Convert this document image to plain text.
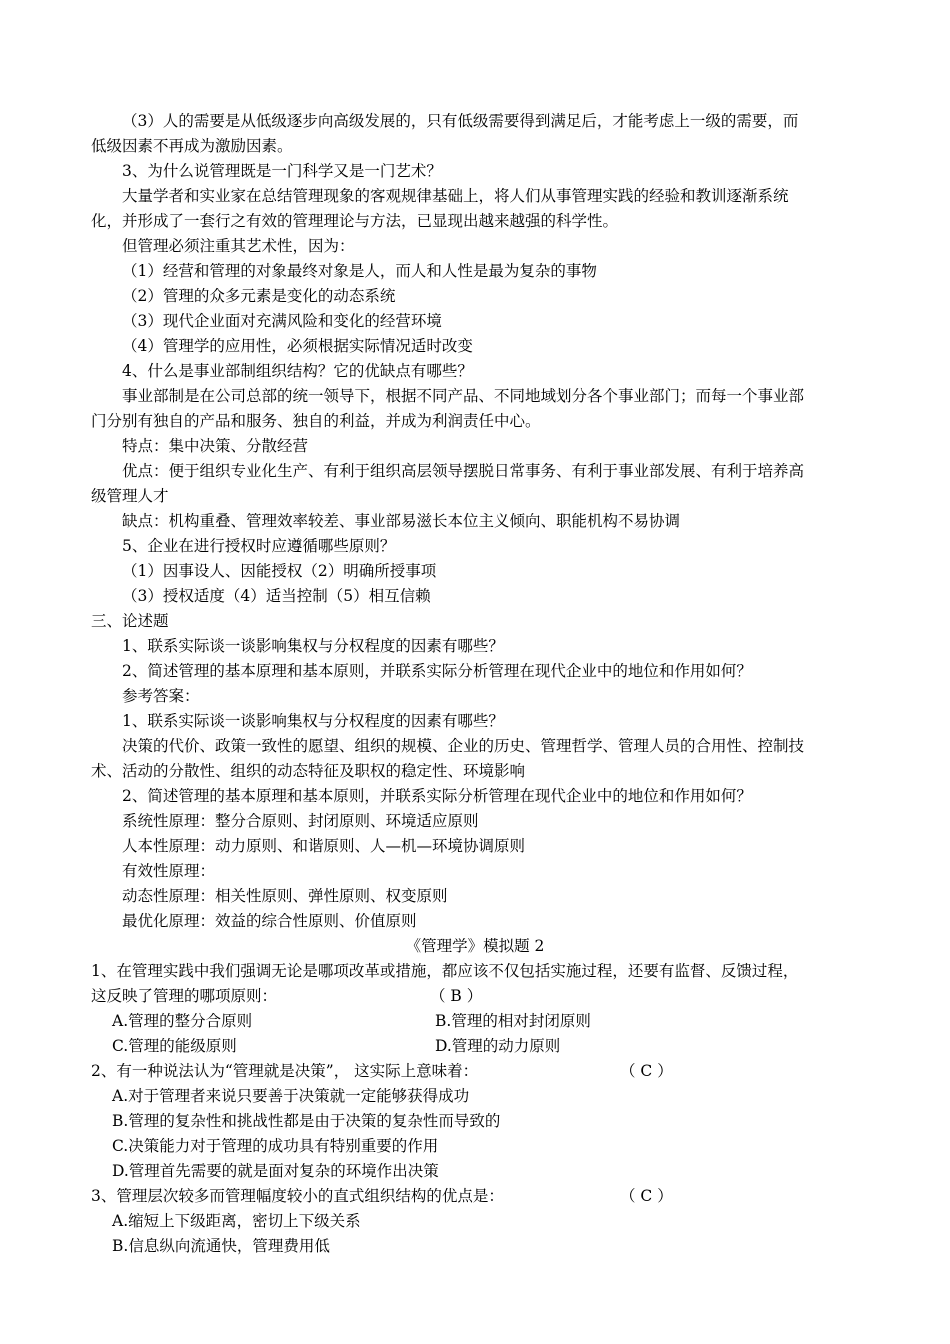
（3）人的需要是从低级逐步向高级发展的，只有低级需要得到满足后，才能考虑上一级的需要，而
低级因素不再成为激励因素。
3、为什么说管理既是一门科学又是一门艺术？
大量学者和实业家在总结管理现象的客观规律基础上，将人们从事管理实践的经验和教训逐渐系统
化，并形成了一套行之有效的管理理论与方法，已显现出越来越强的科学性。
但管理必须注重其艺术性，因为：
（1）经营和管理的对象最终对象是人，而人和人性是最为复杂的事物
（2）管理的众多元素是变化的动态系统
（3）现代企业面对充满风险和变化的经营环境
（4）管理学的应用性，必须根据实际情况适时改变
4、什么是事业部制组织结构？它的优缺点有哪些？
事业部制是在公司总部的统一领导下，根据不同产品、不同地域划分各个事业部门；而每一个事业部
门分别有独自的产品和服务、独自的利益，并成为利润责任中心。
特点：集中决策、分散经营
优点：便于组织专业化生产、有利于组织高层领导摆脱日常事务、有利于事业部发展、有利于培养高
级管理人才
缺点：机构重叠、管理效率较差、事业部易滋长本位主义倾向、职能机构不易协调
5、企业在进行授权时应遵循哪些原则？
（1）因事设人、因能授权（2）明确所授事项
（3）授权适度（4）适当控制（5）相互信赖
三、论述题
1、联系实际谈一谈影响集权与分权程度的因素有哪些？
2、简述管理的基本原理和基本原则，并联系实际分析管理在现代企业中的地位和作用如何？
参考答案：
1、联系实际谈一谈影响集权与分权程度的因素有哪些？
决策的代价、政策一致性的愿望、组织的规模、企业的历史、管理哲学、管理人员的合用性、控制技
术、活动的分散性、组织的动态特征及职权的稳定性、环境影响
2、简述管理的基本原理和基本原则，并联系实际分析管理在现代企业中的地位和作用如何？
系统性原理：整分合原则、封闭原则、环境适应原则
人本性原理：动力原则、和谐原则、人—机—环境协调原则
有效性原理：
动态性原理：相关性原则、弹性原则、权变原则
最优化原理：效益的综合性原则、价值原则
《管理学》模拟题 2
1、在管理实践中我们强调无论是哪项改革或措施，都应该不仅包括实施过程，还要有监督、反馈过程，
这反映了管理的哪项原则：	（ B ）
A.管理的整分合原则	B.管理的相对封闭原则
C.管理的能级原则	D.管理的动力原则
2、有一种说法认为“管理就是决策”， 这实际上意味着：	（ C ）
A.对于管理者来说只要善于决策就一定能够获得成功
B.管理的复杂性和挑战性都是由于决策的复杂性而导致的
C.决策能力对于管理的成功具有特别重要的作用
D.管理首先需要的就是面对复杂的环境作出决策
3、管理层次较多而管理幅度较小的直式组织结构的优点是：	（ C ）
A.缩短上下级距离，密切上下级关系
B.信息纵向流通快，管理费用低
